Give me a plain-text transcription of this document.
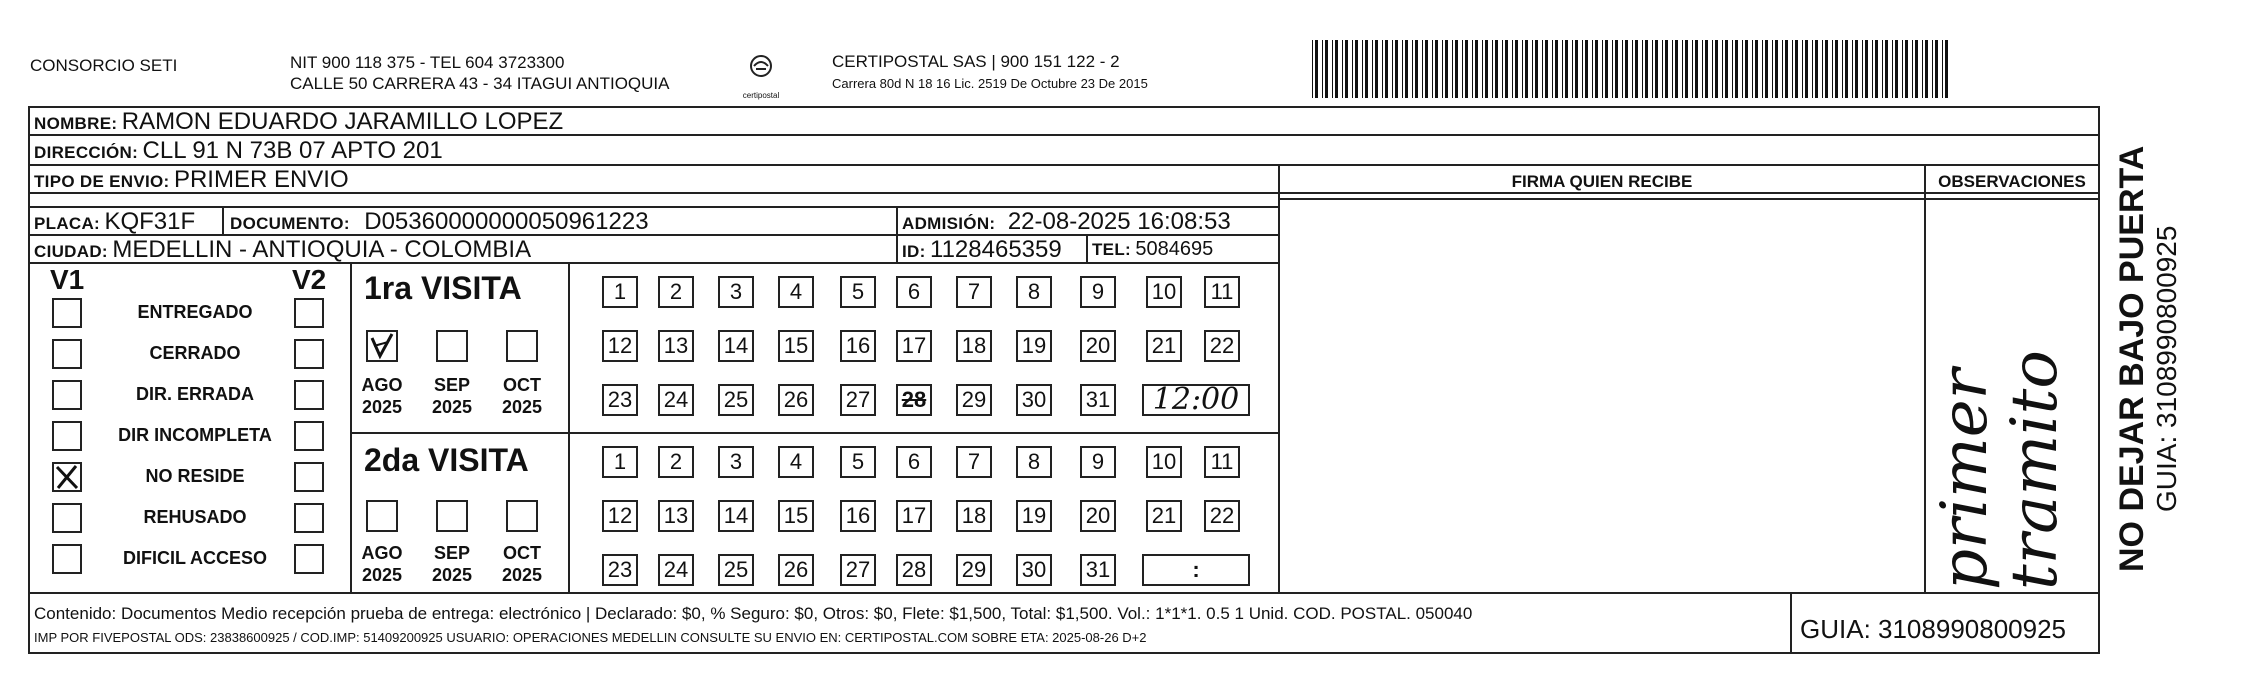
CONSORCIO SETI	NIT 900 118 375 - TEL 604 3723300
CALLE 50 CARRERA 43 - 34 ITAGUI ANTIOQUIA
certipostal
CERTIPOSTAL SAS | 900 151 122 - 2
Carrera 80d N 18 16 Lic. 2519 De Octubre 23 De 2015
NOMBRE: RAMON EDUARDO JARAMILLO LOPEZ
DIRECCIÓN: CLL 91 N 73B 07 APTO 201
TIPO DE ENVIO: PRIMER ENVIO
PLACA: KQF31F DOCUMENTO: D05360000000050961223	ADMISIÓN: 22-08-2025 16:08:53
CIUDAD: MEDELLIN - ANTIOQUIA - COLOMBIA	ID: 1128465359 TEL: 5084695
FIRMA QUIEN RECIBE	OBSERVACIONES
V1	V2
ENTREGADO
CERRADO
DIR. ERRADA
DIR INCOMPLETA
NO RESIDE
REHUSADO
DIFICIL ACCESO
1ra VISITA
AGO
2025
SEP
2025
OCT
2025
1	2	3	4	5	6	7	8	9	10 11
12 13 14 15 16 17 18 19 20 21 22
23 24 25 26 27 28 29 30 31	12:00
2da VISITA
AGO
2025
SEP
2025
OCT
2025
1	2	3	4	5	6	7	8	9	10 11
12 13 14 15 16 17 18 19 20 21 22
23 24 25 26 27 28 29 30 31	:	primer
tramito
Contenido: Documentos Medio recepción prueba de entrega: electrónico | Declarado: $0, % Seguro: $0, Otros: $0, Flete: $1,500, Total: $1,500. Vol.: 1*1*1. 0.5 1 Unid. COD. POSTAL. 050040
IMP POR FIVEPOSTAL ODS: 23838600925 / COD.IMP: 51409200925 USUARIO: OPERACIONES MEDELLIN CONSULTE SU ENVIO EN: CERTIPOSTAL.COM SOBRE ETA: 2025-08-26 D+2	GUIA: 3108990800925
NO DEJAR BAJO PUERTA GUIA: 3108990800925
